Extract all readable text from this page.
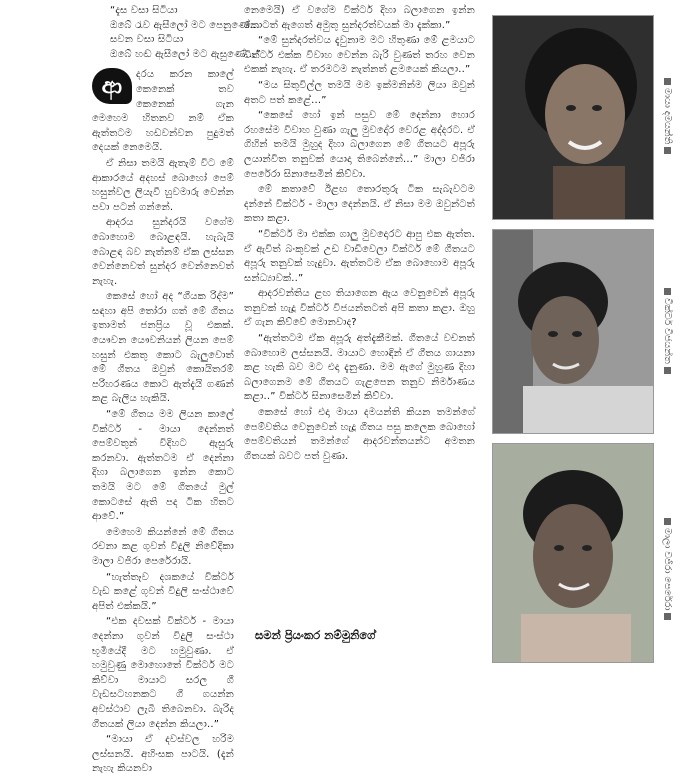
“දැස වසා සිටියා
ඔබේ රැව ඇසීලෝ මට පෙනුණේ...
සවන වසා සිටියා
ඔබේ හඬ ඇසීලෝ මට ඇසුණේ...”
ආ	දරය කරන කාලේ කෙනෙක් තව කෙනෙක් ගැන මෙහෙම හිතනව නම් ඒක ඇත්තටම හඩවන්වන පුදුමත් දෙයක් නෙමෙයි.

ඒ නිසා තමයි ඇතැම් විට මේ ආකාරයේ අදහස් බොහෝ පෙම් හසුන්වල ලියැවී හුවමාරු වෙන්න පවා පටන් ගන්නේ.

ආදරය සුන්දරයි වගේම බොහොම බොළඳයි. හැබැයි බොළඳ බව නැත්නම් ඒක ලස්සන වෙන්නෙවත් සුන්දර වෙන්නෙවත් නැහැ.

කෙසේ හෝ අද “ගීයක රිද්ම” සඳහා අපි තෝරා ගත් මේ ගීතය ඉතාමත් ජනප්‍රිය වූ එකක්. යෞවන යෞවනියන් ලියන පෙම් හසුන් එකතු කොට බැලුවොත් මේ ගීතය ඔවුන් කොයිතරම් පරිහරණය කොට ඇත්දැයි ගණන් කළ බැලිය හැකියි.

“මේ ගීතය මම ලියන කාලේ වික්ටර් - මායා දෙන්නත් පෙම්වතුන් විදිහට ඇසුරු කරනවා. ඇත්තටම ඒ දෙන්නා දිහා බලාගෙන ඉන්න කොට තමයි මට මේ ගීතයේ මුල් කොටසේ ඇති පද ටික හිතට ආවේ.”

මෙහෙම කියන්නේ මේ ගීතය රචනා කළ ගුවන් විදුලි නිවේදිකා මාලා වජිරා පෙරේරායි.

“හැත්තෑව දශකයේ වික්ටර් වැඩ කළේ ගුවන් විදුලි සංස්ථාවේ අපිත් එක්කයි.”

“එක දවසක් වික්ටර් - මායා දෙන්නා ගුවන් විදුලි සංස්ථා භූමියේදී මට හමුවුණා. ඒ හමුවුණු මොහොතේ වික්ටර් මට කිව්වා මායාට සරල ගී වැඩසටහනකට ගී ගයන්න අවස්ථාව ලැබී තිබෙනවා. බැරිද ගීතයක් ලියා දෙන්න කියලා..”

“මායා ඒ දවස්වල හරිම ලස්සනයි. අහිංසක පාටයි. (දැන් නැහැ කියනවා

නෙමෙයි) ඒ වගේම වික්ටර් දිහා බලාගෙන ඉන්න කොටත් ඇගෙත් අමුතු සුන්දරත්වයක් මා දැක්කා.”

“මේ සුන්දරත්වය දැවුනාම මට හිතුණා මේ ළමයාට වික්ටර් එක්ක විවාහ වෙන්න බැරි වුණත් තරහ වෙන එකක් නැහැ. ඒ තරමටම නැත්නත් ළමයෙක් කියලා..”

“මය සිතුවිල්ල තමයි මම ඉක්මනින්ම ලියා ඔවුන් අතට පත් කළේ...”

“කෙසේ හෝ ඉන් පසුව මේ දෙන්නා හොර රහසේම විවාහ වුණා ගැලු මුවදෝර වෙරළ අද්දරට. ඒ ගිහින් තමයි මුහුද දිහා බලාගෙන මේ ගීතයට අපූරු ලයාන්විත තනුවක් යොදා තිබෙන්නේ...” මාලා වජිරා පෙරේරා සිනාසෙමින් කිව්වා.

මේ කතාවේ ඊළඟ තොරතුරු ටික සැබැවටම දන්නේ වික්ටර් - මාලා දෙන්නයි. ඒ නිසා මම ඔවුන්ටත් කතා කළා.

“වික්ටර් මා එක්ක ගාලු මුවදොරට ආපු එක ඇත්ත. ඒ ඇවිත් බංකුවක් උඩ වාඩිවෙලා වික්ටර් මේ ගීතයට අපූරු තනුවක් හැදුවා. ඇත්තටම ඒක බොහොම අපූරු සන්ධ්‍යාවක්..”

ආදරවන්තිය ළඟ තියාගෙන ඇය වෙනුවෙන් අපූරු තනුවක් හැදූ වික්ටර් විජයන්තටත් අපි කතා කළා. ඔහු ඒ ගැන කිව්වේ මොනවාද?

“ඇත්තටම ඒක අපූරු අත්දැකීමක්. ගීතයේ වචනත් බොහොම ලස්සනයි. මායාට හොඳින් ඒ ගීතය ගායනා කළ හැකි බව මට එදා දැනුණා. මම ඇගේ මුහුණ දිහා බලාගෙනම මේ ගීතයට ගැළපෙන තනුව නිර්මාණය කළා..” වික්ටර් සිනාසෙමින් කිව්වා.

කෙසේ හෝ එදා මායා දමයන්ති කියන තමන්ගේ පෙම්වතිය වෙනුවෙන් හැදූ ගීතය පසු කලෙක බොහෝ පෙම්වතියන් තමන්ගේ ආදරවන්තයන්ට අමතන ගීතයක් බවට පත් වුණා.

සමන් ප්‍රියංකර නම්මුනිගේ
මායා දමයන්ති
වික්ටර් විජයන්ත
මාලා වජිරා පෙරේරා
